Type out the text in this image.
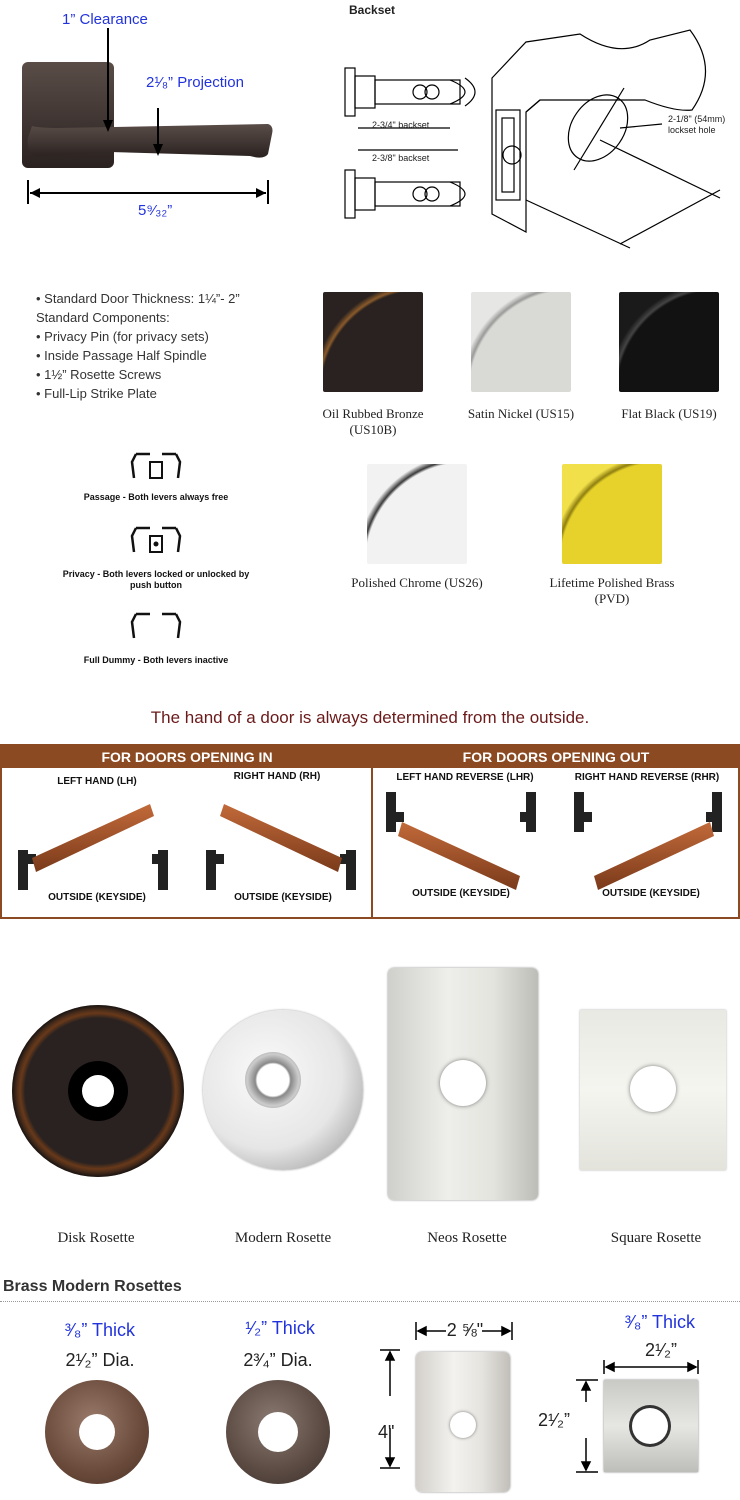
1” Clearance
2¹⁄₈” Projection
5⁹⁄₃₂”
Backset
2-3/4" backset
2-3/8" backset
2-1/8" (54mm) lockset hole
• Standard Door Thickness: 1¼”- 2” Standard Components:
• Privacy Pin (for privacy sets)
• Inside Passage Half Spindle
• 1½” Rosette Screws
• Full-Lip Strike Plate
Oil Rubbed Bronze (US10B)
Satin Nickel (US15)	Flat Black (US19)
Polished Chrome (US26)	Lifetime Polished Brass (PVD)
Passage - Both levers always free
Privacy - Both levers locked or unlocked by push button
Full Dummy - Both levers inactive
The hand of a door is always determined from the outside.
FOR DOORS OPENING IN	FOR DOORS OPENING OUT
LEFT HAND (LH)	RIGHT HAND (RH)	LEFT HAND REVERSE (LHR)	RIGHT HAND REVERSE (RHR)
OUTSIDE (KEYSIDE)	OUTSIDE (KEYSIDE)	OUTSIDE (KEYSIDE)	OUTSIDE (KEYSIDE)
Disk Rosette	Modern Rosette	Neos Rosette	Square Rosette
Brass Modern Rosettes
³⁄₈” Thick
2¹⁄₂” Dia.
¹⁄₂” Thick
2³⁄₄” Dia.
2 ⅝"
4"
³⁄₈” Thick
2¹⁄₂”
2¹⁄₂”
